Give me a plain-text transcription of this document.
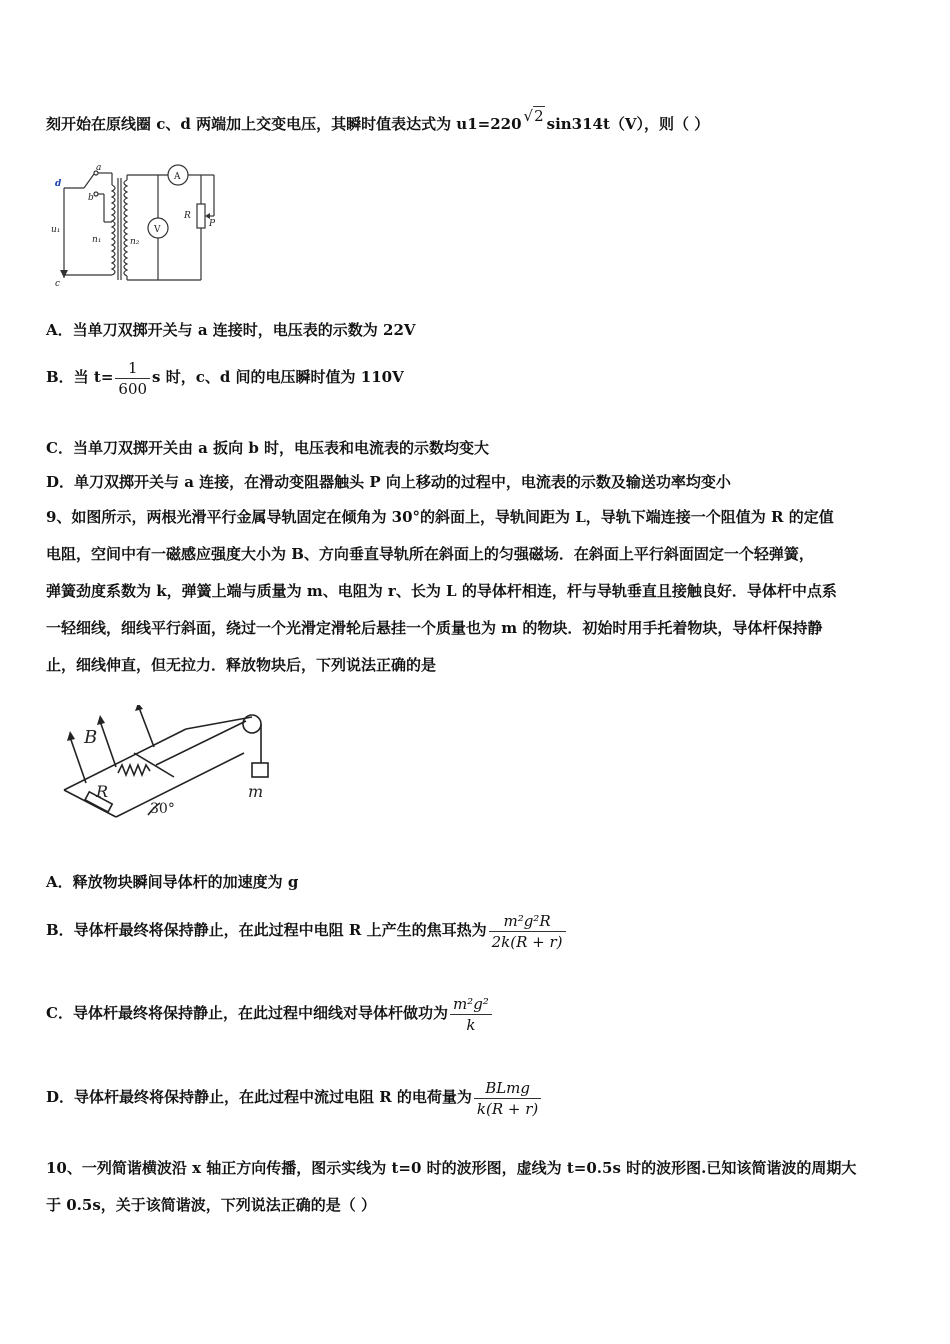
刻开始在原线圈 c、d 两端加上交变电压，其瞬时值表达式为 u1=220 √2 sin314t（V），则（ ）
d
c
a
b
u₁
n₁	n₂
A
V
R
P
A．当单刀双掷开关与 a 连接时，电压表的示数为 22V
B．当 $t= \frac{1}{600}$ s 时，c、d 间的电压瞬时值为 110V
C．当单刀双掷开关由 a 扳向 b 时，电压表和电流表的示数均变大
D．单刀双掷开关与 a 连接，在滑动变阻器触头 P 向上移动的过程中，电流表的示数及输送功率均变小
9、如图所示，两根光滑平行金属导轨固定在倾角为 30°的斜面上，导轨间距为 L，导轨下端连接一个阻值为 R 的定值
电阻，空间中有一磁感应强度大小为 B、方向垂直导轨所在斜面上的匀强磁场．在斜面上平行斜面固定一个轻弹簧，
弹簧劲度系数为 k，弹簧上端与质量为 m、电阻为 r、长为 L 的导体杆相连，杆与导轨垂直且接触良好．导体杆中点系
一轻细线，细线平行斜面，绕过一个光滑定滑轮后悬挂一个质量也为 m 的物块．初始时用手托着物块，导体杆保持静
止，细线伸直，但无拉力．释放物块后，下列说法正确的是
B
R
30°
m
A．释放物块瞬间导体杆的加速度为 g
B．导体杆最终将保持静止，在此过程中电阻 R 上产生的焦耳热为 $\frac{\text{m²g²R}}{2k(R + r)}$
C．导体杆最终将保持静止，在此过程中细线对导体杆做功为 $\frac{\text{m²g²}}{k}$
D．导体杆最终将保持静止，在此过程中流过电阻 R 的电荷量为 $\frac{\text{BLmg}}{k(R + r)}$
10、一列简谐横波沿 x 轴正方向传播，图示实线为 t=0 时的波形图，虚线为 t=0.5s 时的波形图.已知该简谐波的周期大
于 0.5s，关于该简谐波，下列说法正确的是（ ）
